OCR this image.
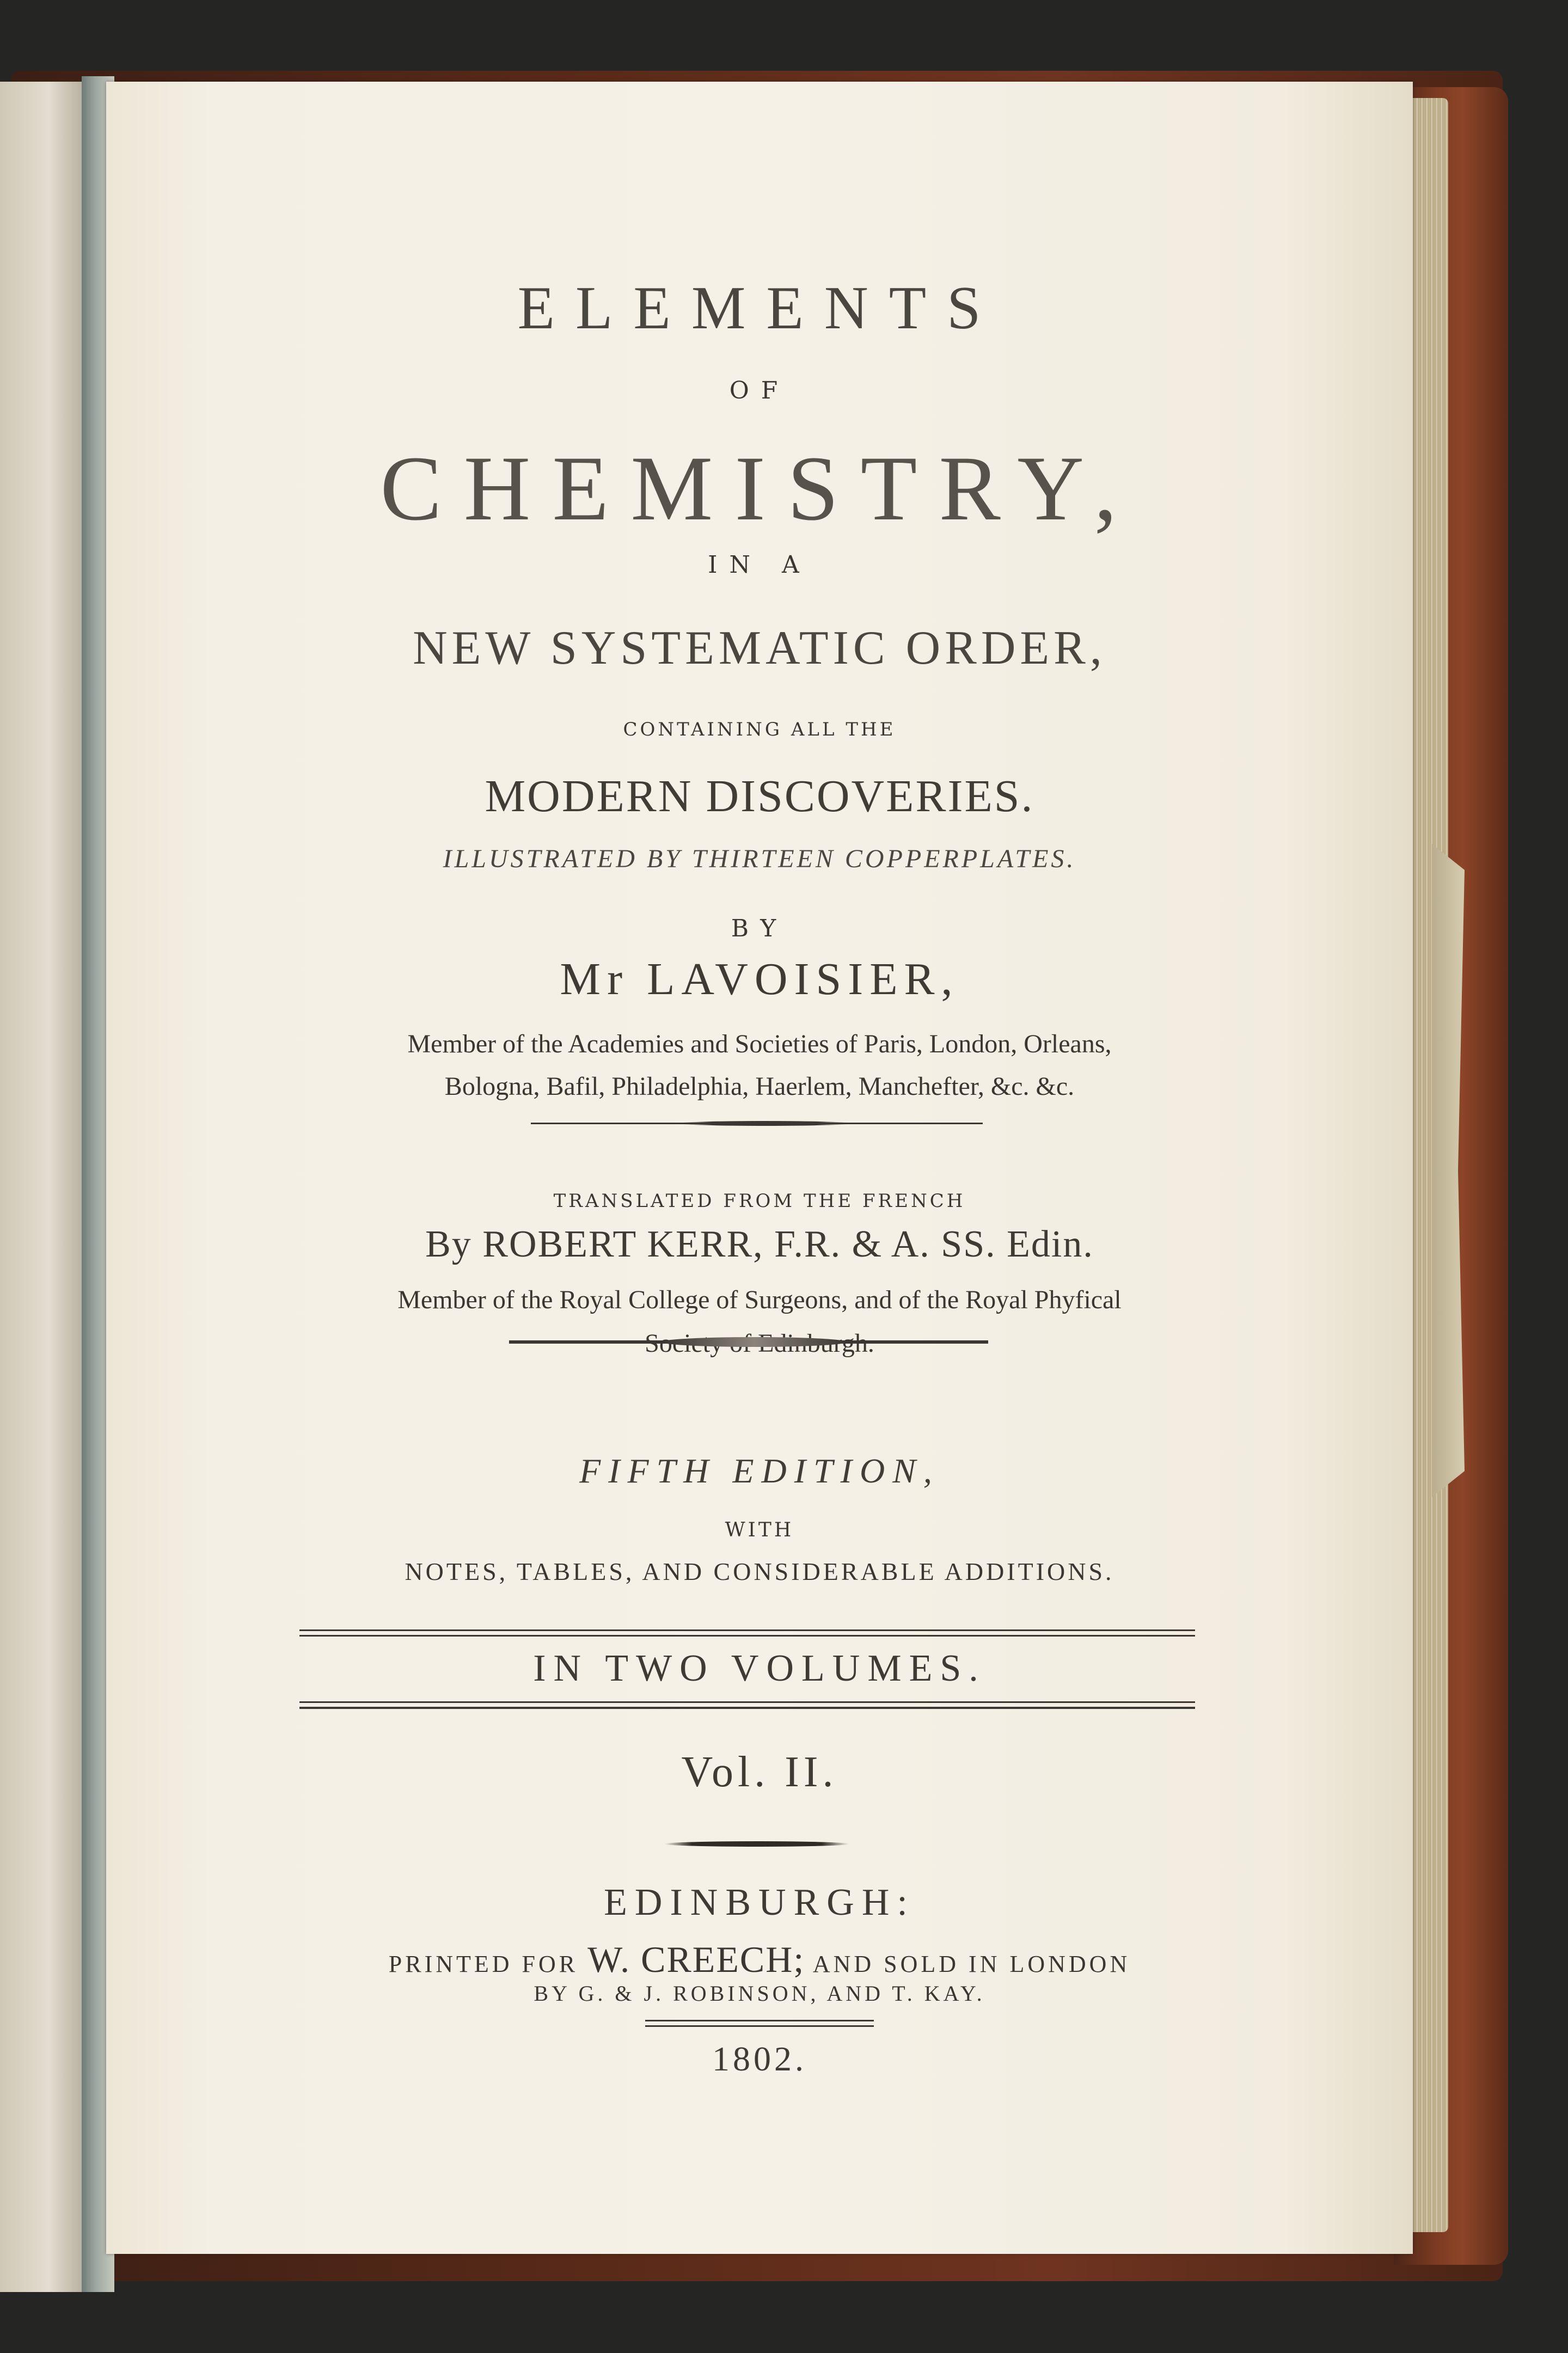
ELEMENTS
OF
CHEMISTRY,
IN A
NEW SYSTEMATIC ORDER,
CONTAINING ALL THE
MODERN DISCOVERIES.
ILLUSTRATED BY THIRTEEN COPPERPLATES.
BY
Mr LAVOISIER,
Member of the Academies and Societies of Paris, London, Orleans,
Bologna, Bafil, Philadelphia, Haerlem, Manchefter, &c. &c.
TRANSLATED FROM THE FRENCH
By ROBERT KERR, F.R. & A. SS. Edin.
Member of the Royal College of Surgeons, and of the Royal Phyfical
FIFTH EDITION,
WITH
NOTES, TABLES, AND CONSIDERABLE ADDITIONS.
IN TWO VOLUMES.
Vol. II.
EDINBURGH:
PRINTED FOR W. CREECH; AND SOLD IN LONDON
BY G. & J. ROBINSON, AND T. KAY.
1802.
